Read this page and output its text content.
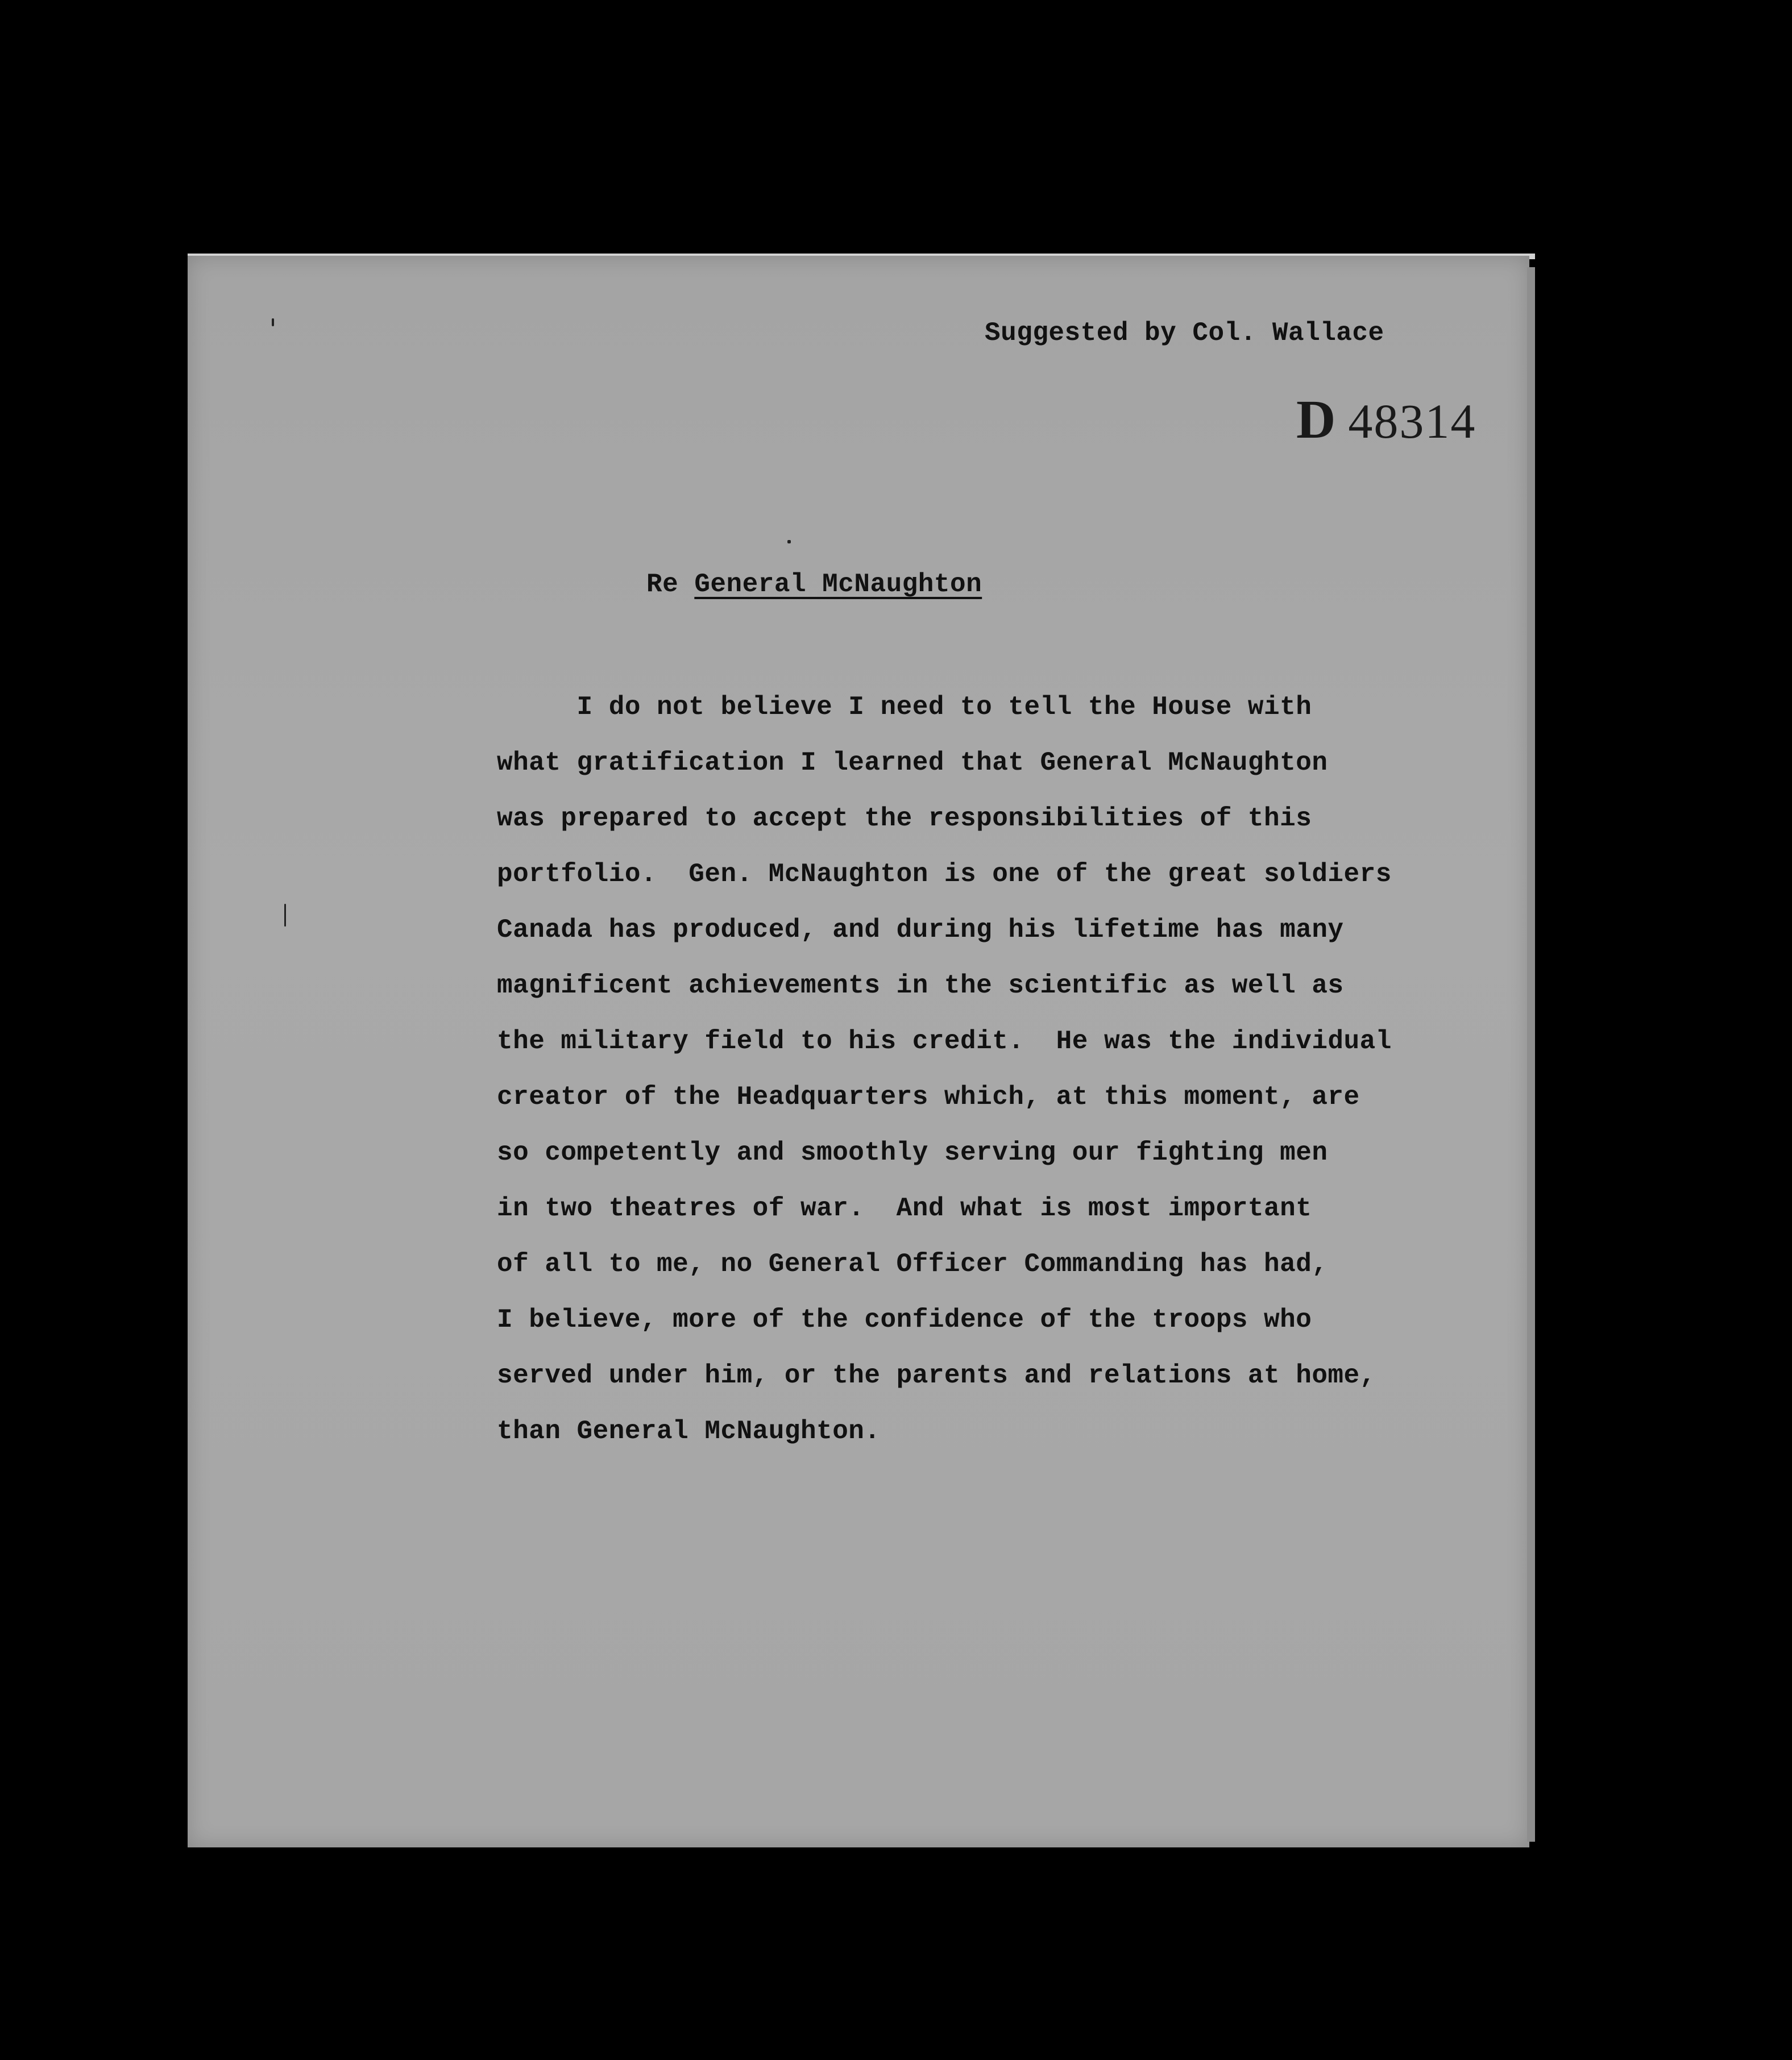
Suggested by Col. Wallace
D 48314
Re General McNaughton
I do not believe I need to tell the House with
what gratification I learned that General McNaughton
was prepared to accept the responsibilities of this
portfolio.  Gen. McNaughton is one of the great soldiers
Canada has produced, and during his lifetime has many
magnificent achievements in the scientific as well as
the military field to his credit.  He was the individual
creator of the Headquarters which, at this moment, are
so competently and smoothly serving our fighting men
in two theatres of war.  And what is most important
of all to me, no General Officer Commanding has had,
I believe, more of the confidence of the troops who
served under him, or the parents and relations at home,
than General McNaughton.
